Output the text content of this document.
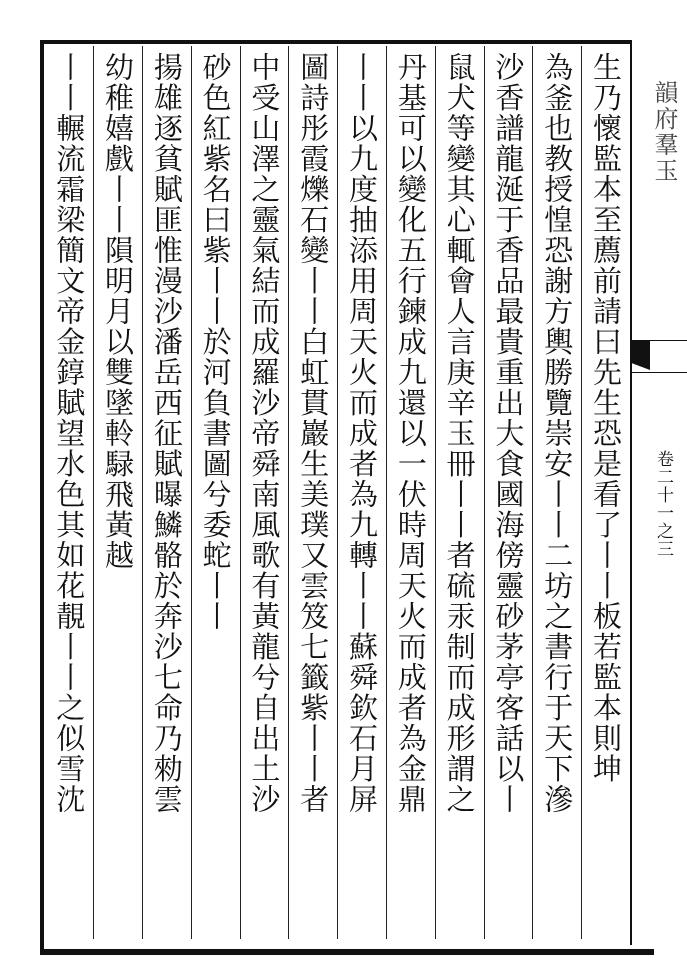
韻府羣玉
卷二十一之三
生乃懷監本至薦前請曰先生恐是看了丨丨板若監本則坤
為釜也教授惶恐謝方輿勝覽崇安丨丨二坊之書行于天下滲
沙香譜龍涎于香品最貴重出大食國海傍靈砂茅亭客話以丨
鼠犬等變其心輒會人言庚辛玉冊丨丨者硫汞制而成形謂之
丹基可以變化五行鍊成九還以一伏時周天火而成者為金鼎
丨丨以九度抽添用周天火而成者為九轉丨丨蘇舜欽石月屏
圖詩彤霞爍石變丨丨白虹貫巖生美璞又雲笈七籤紫丨丨者
中受山澤之靈氣結而成羅沙帝舜南風歌有黃龍兮自出土沙
砂色紅紫名曰紫丨丨於河負書圖兮委蛇丨丨
揚雄逐貧賦匪惟漫沙潘岳西征賦曝鱗骼於奔沙七命乃勑雲
幼稚嬉戲丨丨隕明月以雙墜軨騄飛黃越
丨丨輾流霜梁簡文帝金錞賦望水色其如花靚丨丨之似雪沈
